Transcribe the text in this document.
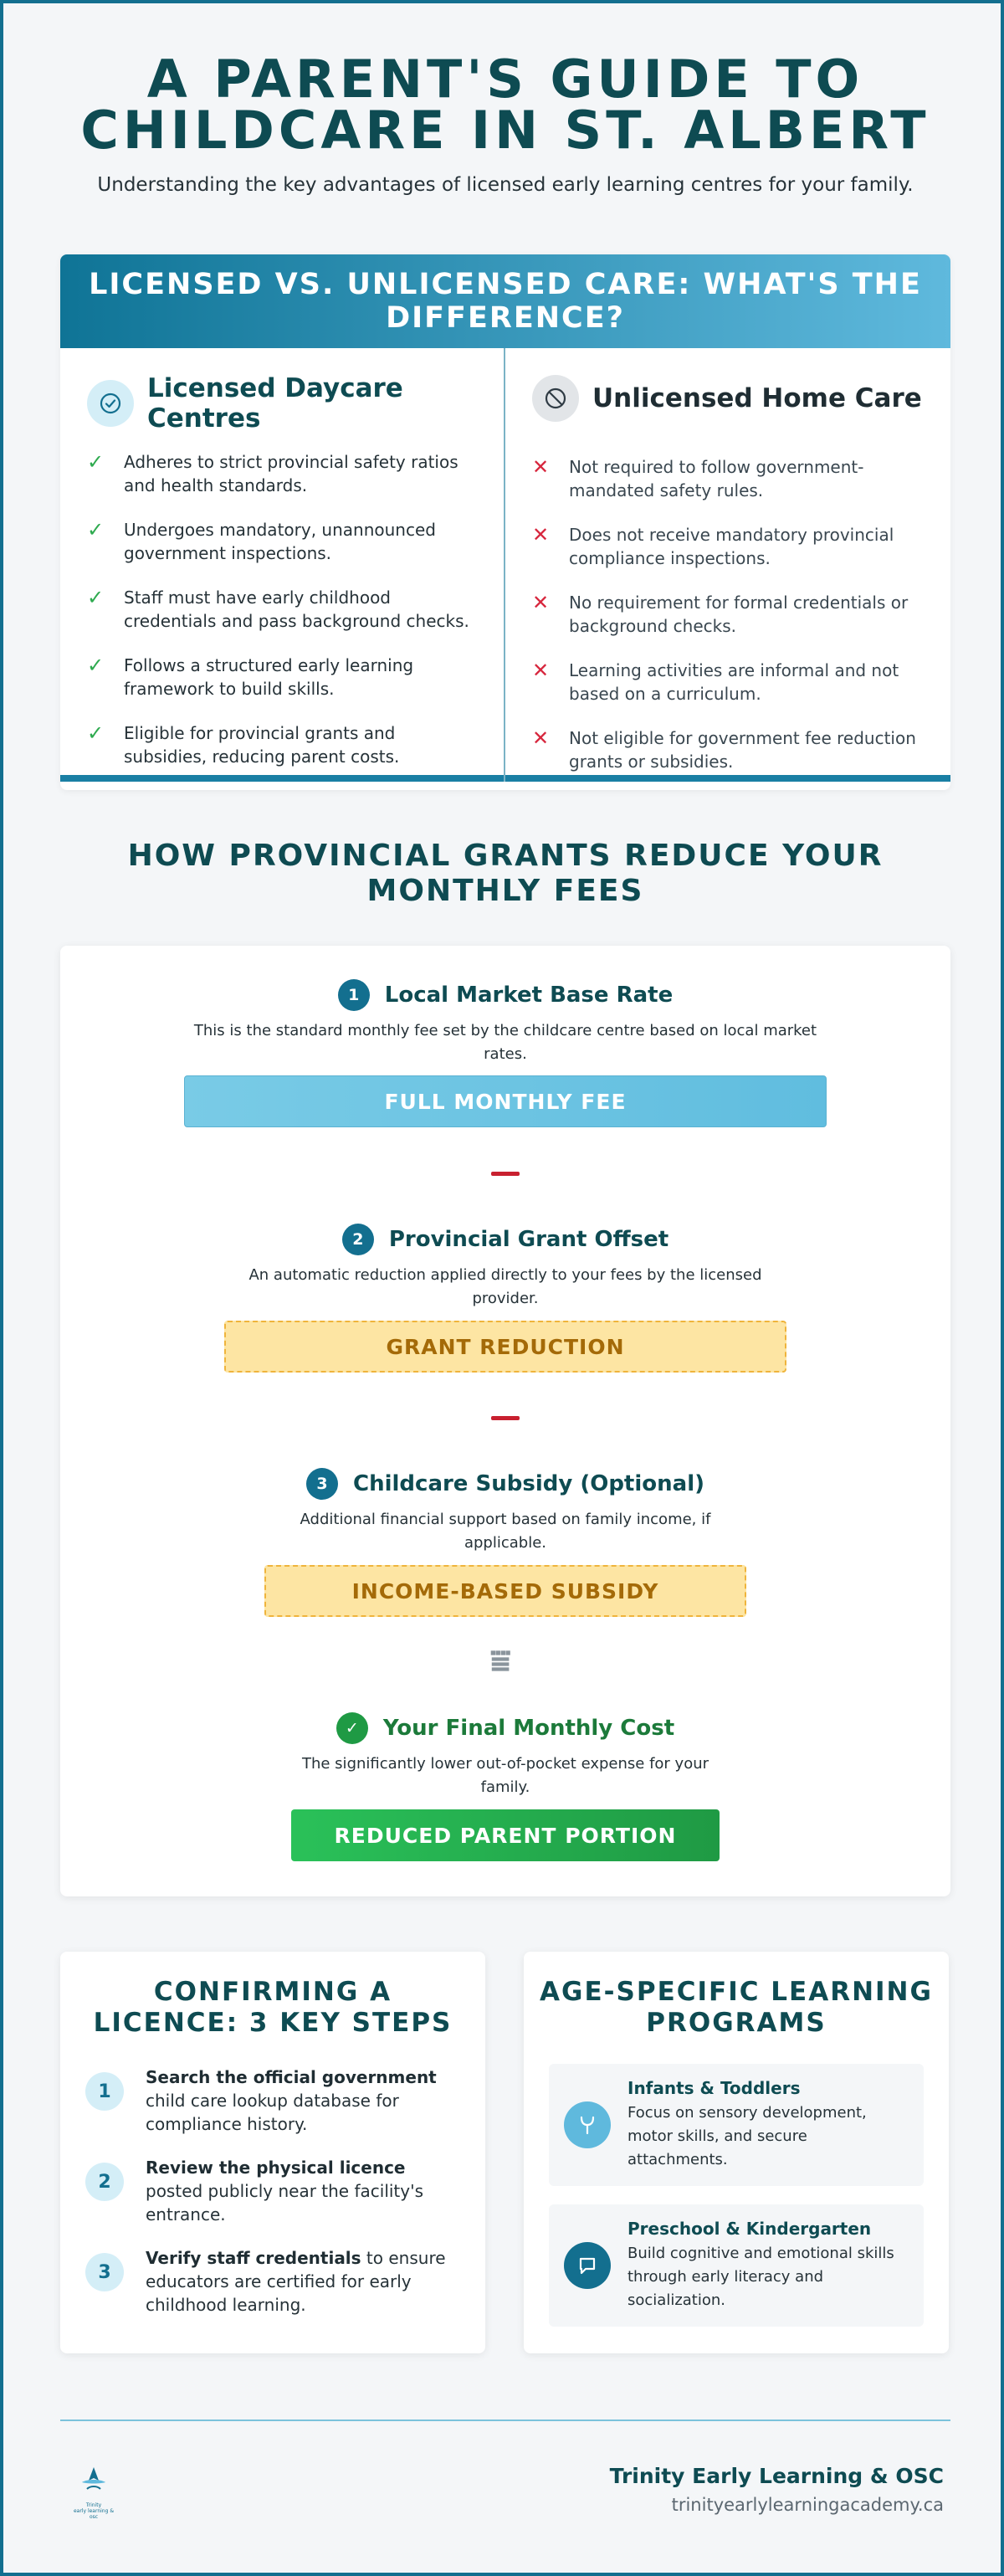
A PARENT'S GUIDE TO
CHILDCARE IN ST. ALBERT
Understanding the key advantages of licensed early learning centres for your family.
LICENSED VS. UNLICENSED CARE: WHAT'S THE
DIFFERENCE?
Licensed Daycare
Centres
✓	Adheres to strict provincial safety ratios
and health standards.
✓	Undergoes mandatory, unannounced
government inspections.
✓	Staff must have early childhood
credentials and pass background checks.
✓	Follows a structured early learning
framework to build skills.
✓	Eligible for provincial grants and
subsidies, reducing parent costs.
Unlicensed Home Care
✕	Not required to follow government-
mandated safety rules.
✕	Does not receive mandatory provincial
compliance inspections.
✕	No requirement for formal credentials or
background checks.
✕	Learning activities are informal and not
based on a curriculum.
✕	Not eligible for government fee reduction
grants or subsidies.
HOW PROVINCIAL GRANTS REDUCE YOUR
MONTHLY FEES
1	Local Market Base Rate
This is the standard monthly fee set by the childcare centre based on local market
rates.
FULL MONTHLY FEE
2	Provincial Grant Offset
An automatic reduction applied directly to your fees by the licensed
provider.
GRANT REDUCTION
3	Childcare Subsidy (Optional)
Additional financial support based on family income, if
applicable.
INCOME-BASED SUBSIDY
⩸
✓	Your Final Monthly Cost
The significantly lower out-of-pocket expense for your
family.
REDUCED PARENT PORTION
CONFIRMING A
LICENCE: 3 KEY STEPS
1
Search the official government
child care lookup database for
compliance history.
2
Review the physical licence
posted publicly near the facility's
entrance.
3
Verify staff credentials to ensure
educators are certified for early
childhood learning.
AGE-SPECIFIC LEARNING
PROGRAMS
Infants & Toddlers
Focus on sensory development,
motor skills, and secure
attachments.
Preschool & Kindergarten
Build cognitive and emotional skills
through early literacy and
socialization.
Trinity
early learning & osc
Trinity Early Learning & OSC
trinityearlylearningacademy.ca
